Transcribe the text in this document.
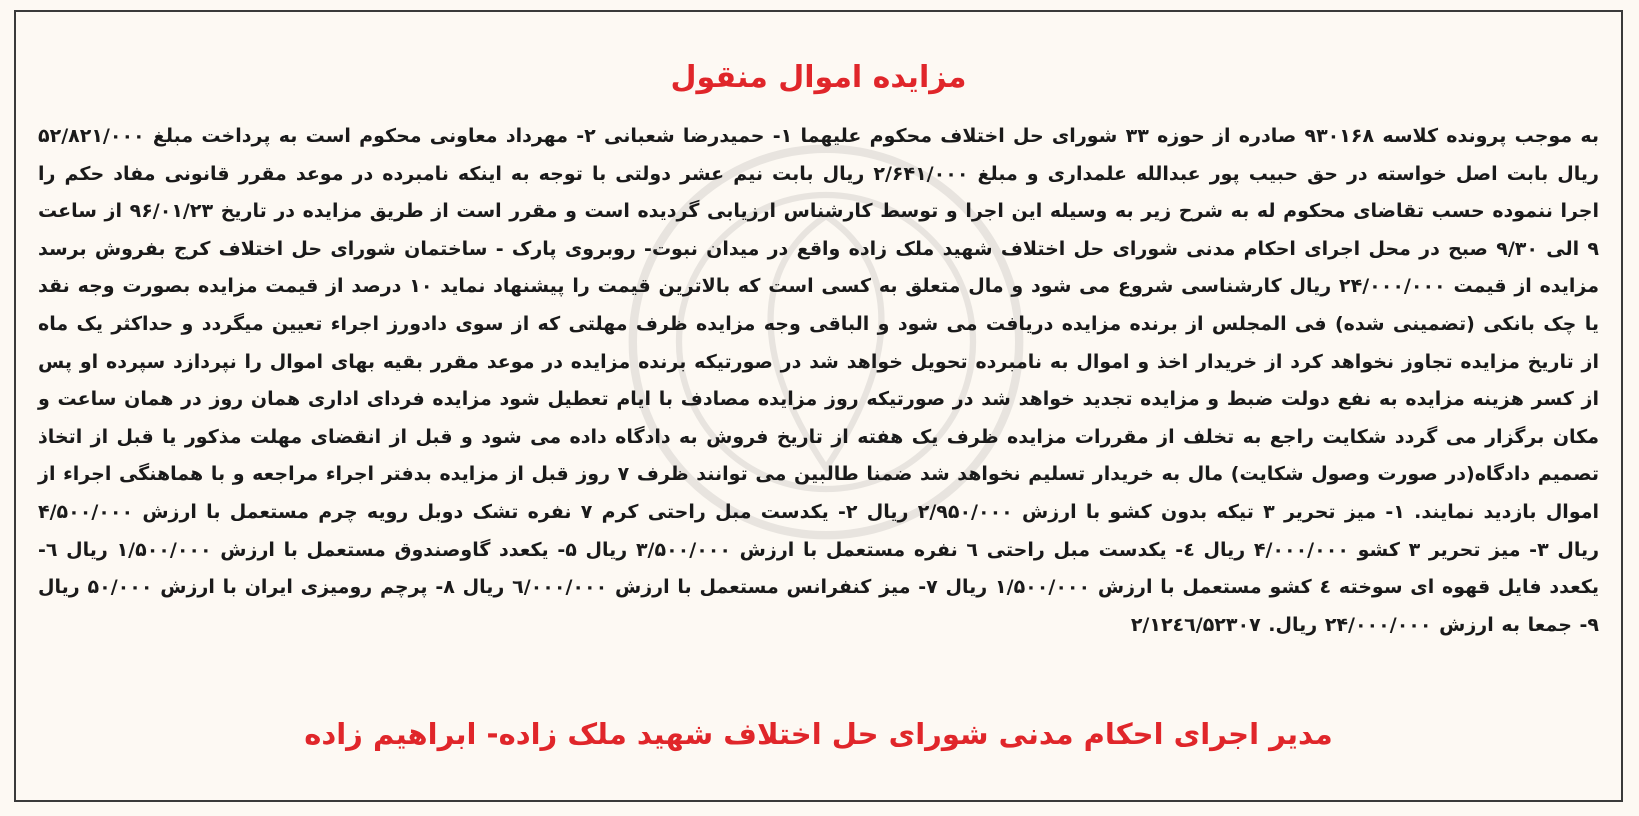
مزایده اموال منقول
به موجب پرونده کلاسه ۹۳۰۱۶۸ صادره از حوزه ۳۳ شورای حل اختلاف محکوم علیهما ۱- حمیدرضا شعبانی ۲- مهرداد معاونی محکوم است به پرداخت مبلغ ۵۲/۸۲۱/۰۰۰ ریال بابت اصل خواسته در حق حبیب پور عبدالله علمداری و مبلغ ۲/۶۴۱/۰۰۰ ریال بابت نیم عشر دولتی با توجه به اینکه نامبرده در موعد مقرر قانونی مفاد حکم را اجرا ننموده حسب تقاضای محکوم له به شرح زیر به وسیله این اجرا و توسط کارشناس ارزیابی گردیده است و مقرر است از طریق مزایده در تاریخ ۹۶/۰۱/۲۳ از ساعت ۹ الی ۹/۳۰ صبح در محل اجرای احکام مدنی شورای حل اختلاف شهید ملک زاده واقع در میدان نبوت- روبروی پارک - ساختمان شورای حل اختلاف کرج بفروش برسد مزایده از قیمت ۲۴/۰۰۰/۰۰۰ ریال کارشناسی شروع می شود و مال متعلق به کسی است که بالاترین قیمت را پیشنهاد نماید ۱۰ درصد از قیمت مزایده بصورت وجه نقد یا چک بانکی (تضمینی شده) فی المجلس از برنده مزایده دریافت می شود و الباقی وجه مزایده ظرف مهلتی که از سوی دادورز اجراء تعیین میگردد و حداکثر یک ماه از تاریخ مزایده تجاوز نخواهد کرد از خریدار اخذ و اموال به نامبرده تحویل خواهد شد در صورتیکه برنده مزایده در موعد مقرر بقیه بهای اموال را نپردازد سپرده او پس از کسر هزینه مزایده به نفع دولت ضبط و مزایده تجدید خواهد شد در صورتیکه روز مزایده مصادف با ایام تعطیل شود مزایده فردای اداری همان روز در همان ساعت و مکان برگزار می گردد شکایت راجع به تخلف از مقررات مزایده ظرف یک هفته از تاریخ فروش به دادگاه داده می شود و قبل از انقضای مهلت مذکور یا قبل از اتخاذ تصمیم دادگاه(در صورت وصول شکایت) مال به خریدار تسلیم نخواهد شد ضمنا طالبین می توانند ظرف ۷ روز قبل از مزایده بدفتر اجراء مراجعه و با هماهنگی اجراء از اموال بازدید نمایند. ۱- میز تحریر ۳ تیکه بدون کشو با ارزش ۲/۹۵۰/۰۰۰ ریال ۲- یکدست مبل راحتی کرم ۷ نفره تشک دوبل رویه چرم مستعمل با ارزش ۴/۵۰۰/۰۰۰ ریال ۳- میز تحریر ۳ کشو ۴/۰۰۰/۰۰۰ ریال ٤- یکدست مبل راحتی ٦ نفره مستعمل با ارزش ۳/۵۰۰/۰۰۰ ریال ۵- یکعدد گاوصندوق مستعمل با ارزش ۱/۵۰۰/۰۰۰ ریال ٦- یکعدد فایل قهوه ای سوخته ٤ کشو مستعمل با ارزش ۱/۵۰۰/۰۰۰ ریال ۷- میز کنفرانس مستعمل با ارزش ٦/۰۰۰/۰۰۰ ریال ۸- پرچم رومیزی ایران با ارزش ۵۰/۰۰۰ ریال ۹- جمعا به ارزش ۲۴/۰۰۰/۰۰۰ ریال. ۲/۱۲٤٦/۵۲۳۰۷
مدیر اجرای احکام مدنی شورای حل اختلاف شهید ملک زاده- ابراهیم زاده
